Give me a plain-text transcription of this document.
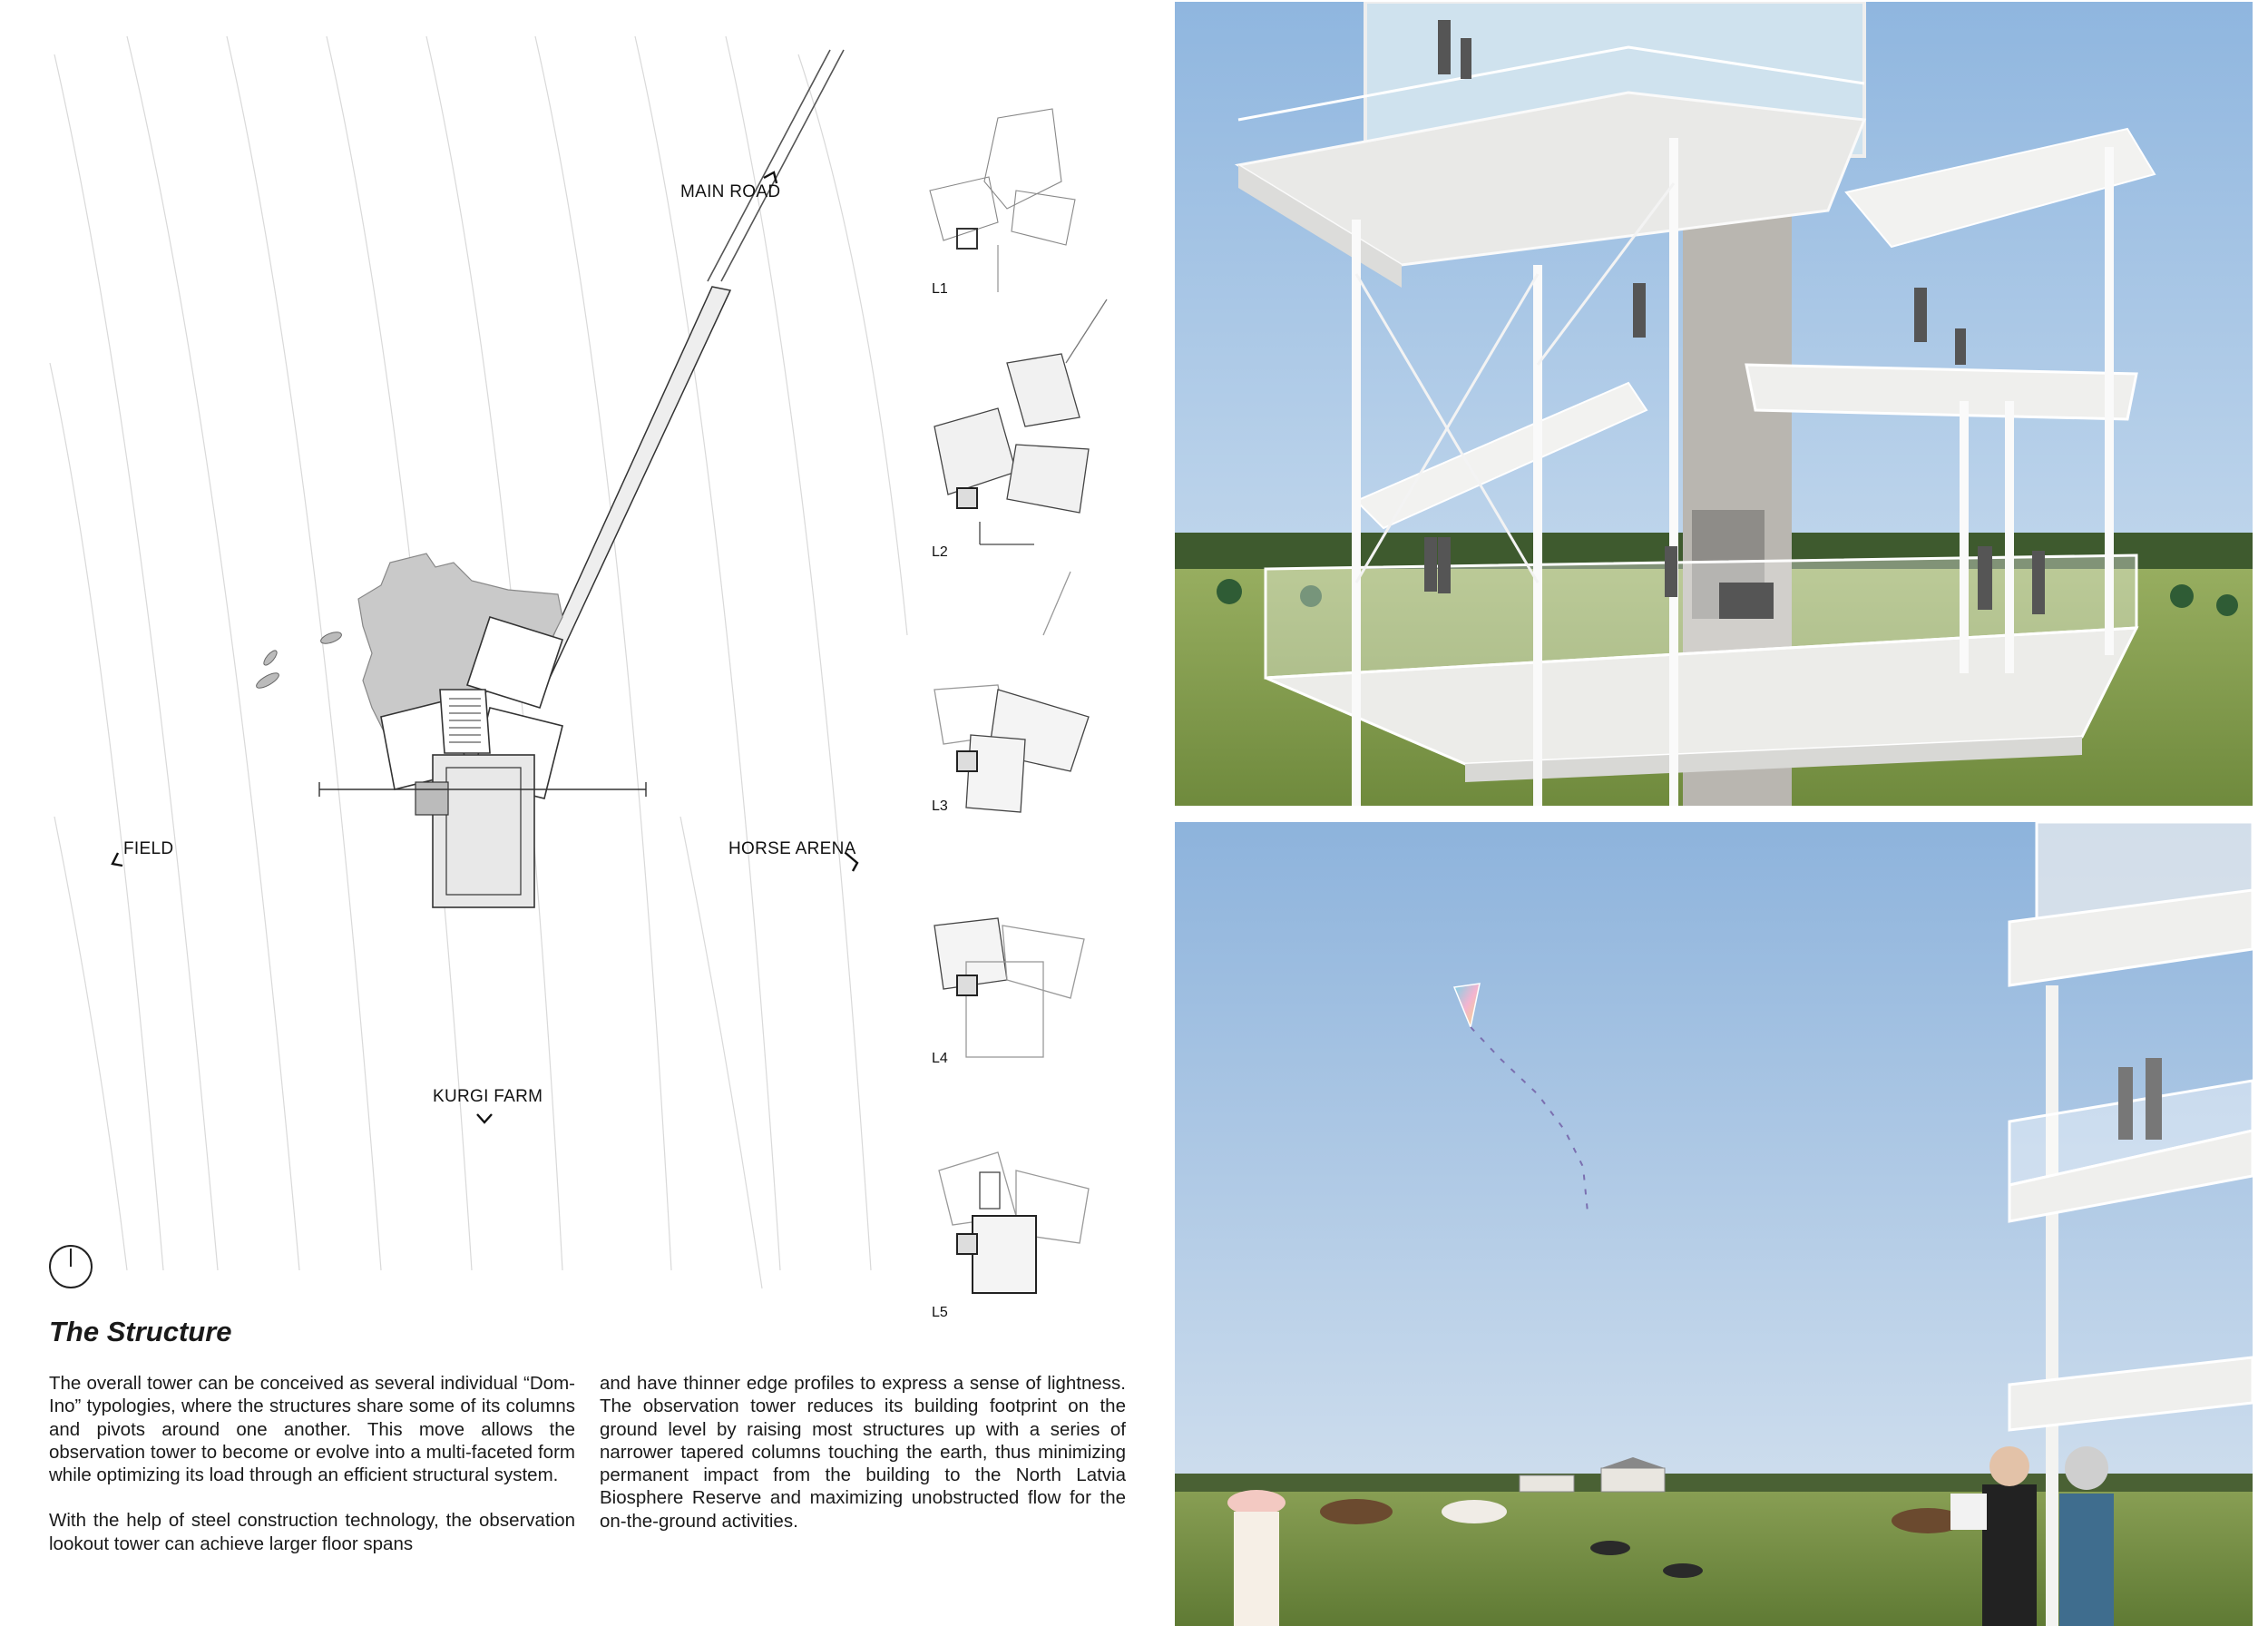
MAIN ROAD
FIELD	HORSE ARENA
KURGI FARM
L1
L2
L3
L4
L5
The Structure

The overall tower can be conceived as several individual “Dom-Ino” typologies, where the structures share some of its columns and pivots around one another. This move allows the observation tower to become or evolve into a multi-faceted form while optimizing its load through an efficient structural system.

With the help of steel construction technology, the observation lookout tower can achieve larger floor spans

and have thinner edge profiles to express a sense of lightness. The observation tower reduces its building footprint on the ground level by raising most structures up with a series of narrower tapered columns touching the earth, thus minimizing permanent impact from the building to the North Latvia Biosphere Reserve and maximizing unobstructed flow for the on-the-ground activities.
